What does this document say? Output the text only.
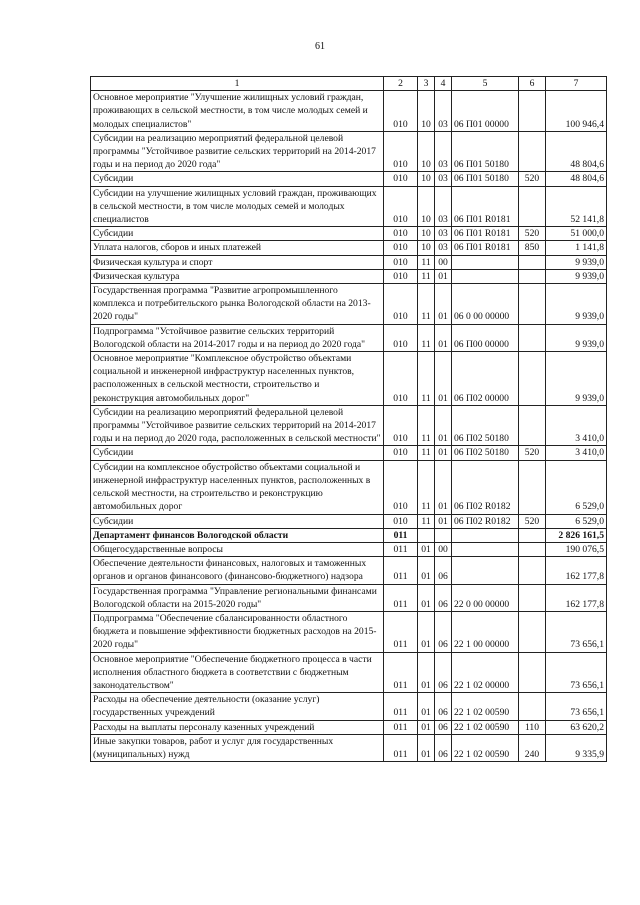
61
1	2	3	4	5	6	7
Основное мероприятие "Улучшение жилищных условий граждан, проживающих в сельской местности, в том числе молодых семей и молодых специалистов"	010	10	03	06 П01 00000		100 946,4
Субсидии на реализацию мероприятий федеральной целевой программы "Устойчивое развитие сельских территорий на 2014-2017 годы и на период до 2020 года"	010	10	03	06 П01 50180		48 804,6
Субсидии	010	10	03	06 П01 50180	520	48 804,6
Субсидии на улучшение жилищных условий граждан, проживающих в сельской местности, в том числе молодых семей и молодых специалистов	010	10	03	06 П01 R0181		52 141,8
Субсидии	010	10	03	06 П01 R0181	520	51 000,0
Уплата налогов, сборов и иных платежей	010	10	03	06 П01 R0181	850	1 141,8
Физическая культура и спорт	010	11	00			9 939,0
Физическая культура	010	11	01			9 939,0
Государственная программа "Развитие агропромышленного комплекса и потребительского рынка Вологодской области на 2013-2020 годы"	010	11	01	06 0 00 00000		9 939,0
Подпрограмма "Устойчивое развитие сельских территорий Вологодской области на 2014-2017 годы и на период до 2020 года"	010	11	01	06 П00 00000		9 939,0
Основное мероприятие "Комплексное обустройство объектами социальной и инженерной инфраструктур населенных пунктов, расположенных в сельской местности, строительство и реконструкция автомобильных дорог"	010	11	01	06 П02 00000		9 939,0
Субсидии на реализацию мероприятий федеральной целевой программы "Устойчивое развитие сельских территорий на 2014-2017 годы и на период до 2020 года, расположенных в сельской местности"	010	11	01	06 П02 50180		3 410,0
Субсидии	010	11	01	06 П02 50180	520	3 410,0
Субсидии на комплексное обустройство объектами социальной и инженерной инфраструктур населенных пунктов, расположенных в сельской местности, на строительство и реконструкцию автомобильных дорог	010	11	01	06 П02 R0182		6 529,0
Субсидии	010	11	01	06 П02 R0182	520	6 529,0
Департамент финансов Вологодской области	011					2 826 161,5
Общегосударственные вопросы	011	01	00			190 076,5
Обеспечение деятельности финансовых, налоговых и таможенных органов и органов финансового (финансово-бюджетного) надзора	011	01	06			162 177,8
Государственная программа "Управление региональными финансами Вологодской области на 2015-2020 годы"	011	01	06	22 0 00 00000		162 177,8
Подпрограмма "Обеспечение сбалансированности областного бюджета и повышение эффективности бюджетных расходов на 2015-2020 годы"	011	01	06	22 1 00 00000		73 656,1
Основное мероприятие "Обеспечение бюджетного процесса в части исполнения областного бюджета в соответствии с бюджетным законодательством"	011	01	06	22 1 02 00000		73 656,1
Расходы на обеспечение деятельности (оказание услуг) государственных учреждений	011	01	06	22 1 02 00590		73 656,1
Расходы на выплаты персоналу казенных учреждений	011	01	06	22 1 02 00590	110	63 620,2
Иные закупки товаров, работ и услуг для государственных (муниципальных) нужд	011	01	06	22 1 02 00590	240	9 335,9
